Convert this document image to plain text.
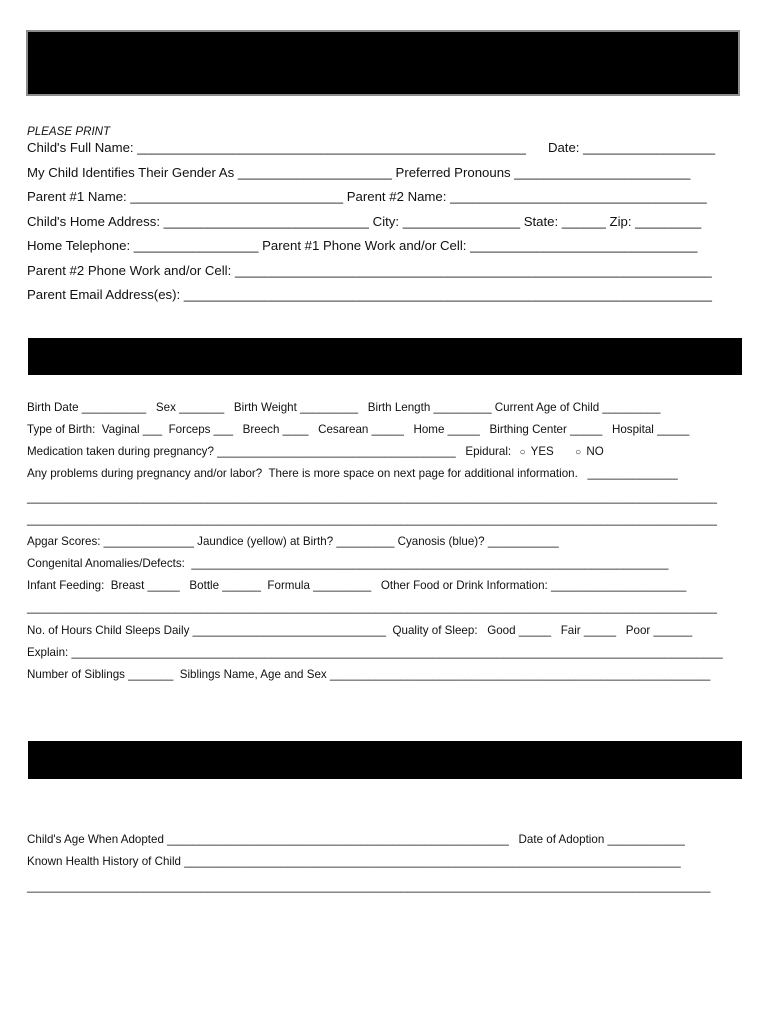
PLEASE PRINT
Child's Full Name: _____________________________________________________      Date: __________________
My Child Identifies Their Gender As _____________________ Preferred Pronouns ________________________
Parent #1 Name: _____________________________ Parent #2 Name: ___________________________________
Child's Home Address: ____________________________ City: ________________ State: ______ Zip: _________
Home Telephone: _________________ Parent #1 Phone Work and/or Cell: _______________________________
Parent #2 Phone Work and/or Cell: _________________________________________________________________
Parent Email Address(es): ________________________________________________________________________
Birth Date __________   Sex _______   Birth Weight _________   Birth Length _________ Current Age of Child _________
Type of Birth:  Vaginal ___  Forceps ___   Breech ____   Cesarean _____   Home _____   Birthing Center _____   Hospital _____
Medication taken during pregnancy? _____________________________________   Epidural: ○ YES ○ NO
Any problems during pregnancy and/or labor?  There is more space on next page for additional information.   ______________
___________________________________________________________________________________________________________
___________________________________________________________________________________________________________
Apgar Scores: ______________ Jaundice (yellow) at Birth? _________ Cyanosis (blue)? ___________
Congenital Anomalies/Defects:  __________________________________________________________________________
Infant Feeding:  Breast _____   Bottle ______  Formula _________   Other Food or Drink Information: _____________________
___________________________________________________________________________________________________________
No. of Hours Child Sleeps Daily ______________________________  Quality of Sleep:   Good _____   Fair _____   Poor ______
Explain: _____________________________________________________________________________________________________
Number of Siblings _______  Siblings Name, Age and Sex ___________________________________________________________
Child's Age When Adopted _____________________________________________________   Date of Adoption ____________
Known Health History of Child _____________________________________________________________________________
__________________________________________________________________________________________________________
